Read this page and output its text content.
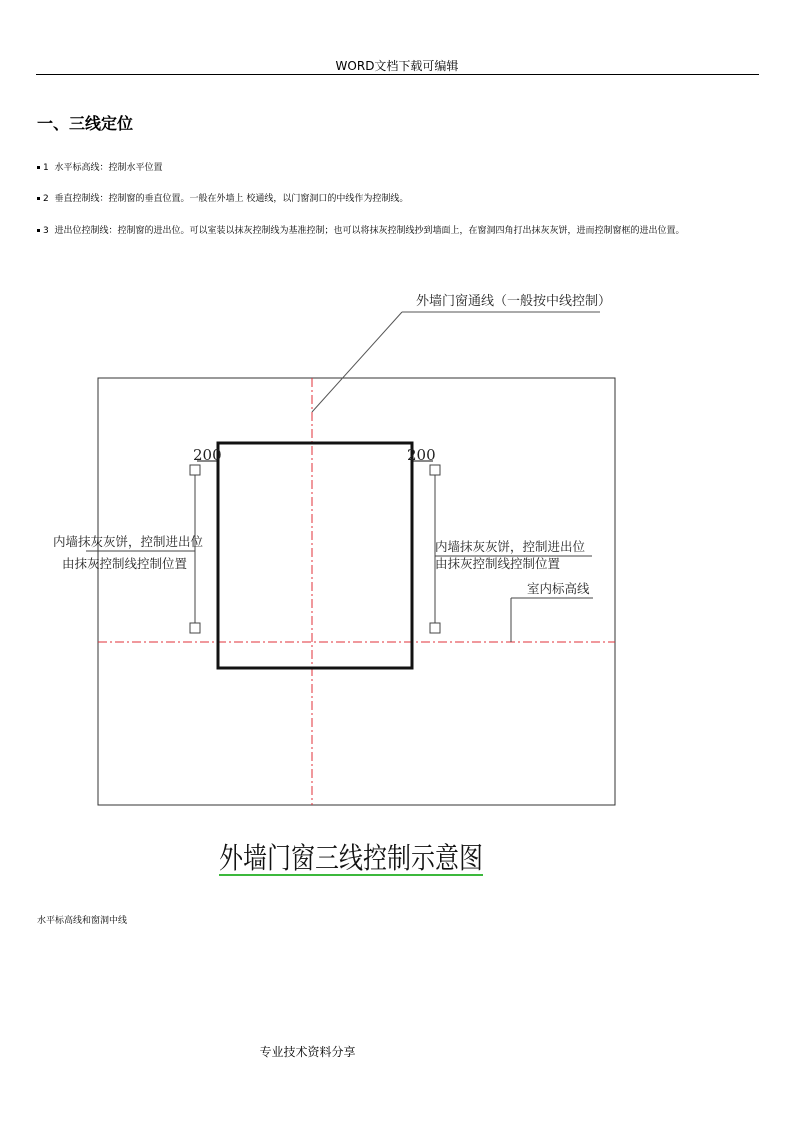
WORD文档下载可编辑
一、三线定位
1 水平标高线：控制水平位置
2 垂直控制线：控制窗的垂直位置。一般在外墙上 校通线，以门窗洞口的中线作为控制线。
3 进出位控制线：控制窗的进出位。可以室装以抹灰控制线为基准控制；也可以将抹灰控制线抄到墙面上，在窗洞四角打出抹灰灰饼，进而控制窗框的进出位置。
外墙门窗通线（一般按中线控制）
200	200
内墙抹灰灰饼，控制进出位
由抹灰控制线控制位置
内墙抹灰灰饼，控制进出位
由抹灰控制线控制位置
室内标高线
外墙门窗三线控制示意图
水平标高线和窗洞中线
专业技术资料分享
